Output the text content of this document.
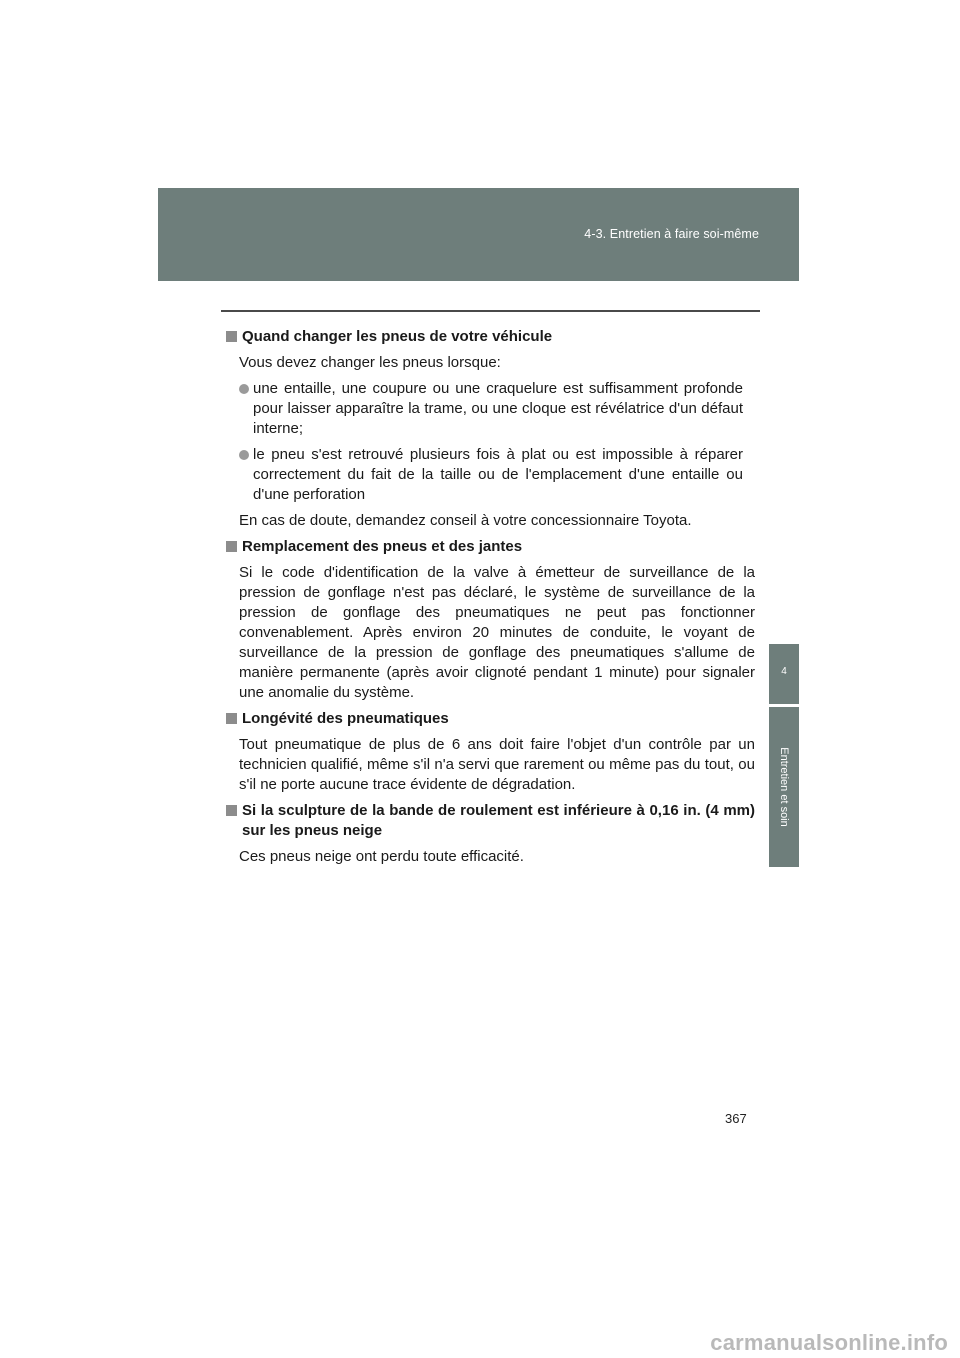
4-3. Entretien à faire soi-même
4
Entretien et soin
Quand changer les pneus de votre véhicule
Vous devez changer les pneus lorsque:
une entaille, une coupure ou une craquelure est suffisamment profonde pour laisser apparaître la trame, ou une cloque est révélatrice d'un défaut interne;
le pneu s'est retrouvé plusieurs fois à plat ou est impossible à réparer correctement du fait de la taille ou de l'emplacement d'une entaille ou d'une perforation
En cas de doute, demandez conseil à votre concessionnaire Toyota.
Remplacement des pneus et des jantes
Si le code d'identification de la valve à émetteur de surveillance de la pression de gonflage n'est pas déclaré, le système de surveillance de la pression de gonflage des pneumatiques ne peut pas fonctionner convenablement. Après environ 20 minutes de conduite, le voyant de surveillance de la pression de gonflage des pneumatiques s'allume de manière permanente (après avoir clignoté pendant 1 minute) pour signaler une anomalie du système.
Longévité des pneumatiques
Tout pneumatique de plus de 6 ans doit faire l'objet d'un contrôle par un technicien qualifié, même s'il n'a servi que rarement ou même pas du tout, ou s'il ne porte aucune trace évidente de dégradation.
Si la sculpture de la bande de roulement est inférieure à 0,16 in. (4 mm) sur les pneus neige
Ces pneus neige ont perdu toute efficacité.
367
carmanualsonline.info
